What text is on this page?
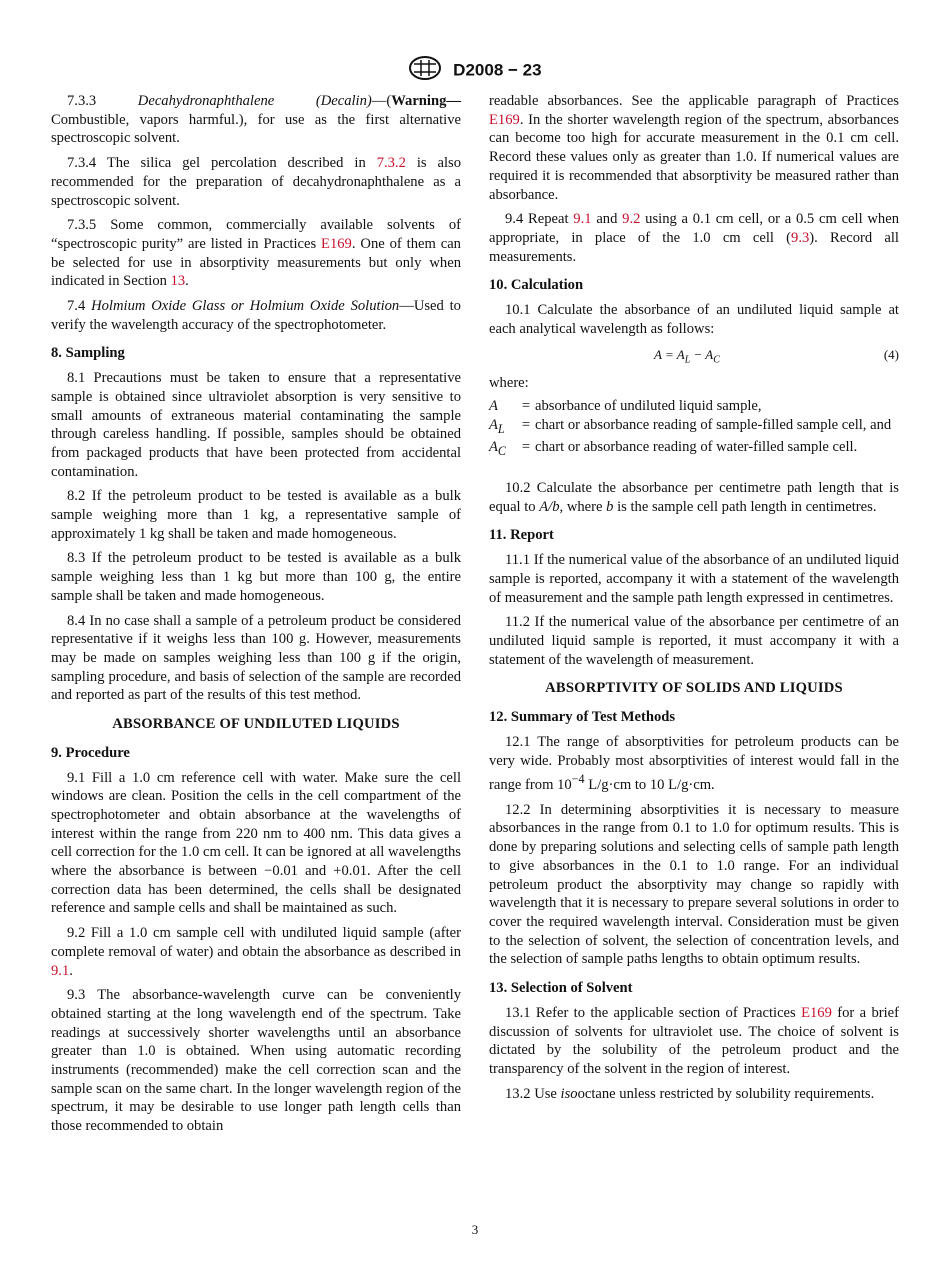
D2008 − 23

7.3.3	Decahydronaphthalene (Decalin)—(Warning— Combustible, vapors harmful.), for use as the first alternative spectroscopic solvent.

7.3.4 The silica gel percolation described in 7.3.2 is also recommended for the preparation of decahydronaphthalene as a spectroscopic solvent.

7.3.5 Some common, commercially available solvents of “spectroscopic purity” are listed in Practices E169. One of them can be selected for use in absorptivity measurements but only when indicated in Section 13.

7.4 Holmium Oxide Glass or Holmium Oxide Solution—Used to verify the wavelength accuracy of the spectrophotometer.

8. Sampling

8.1 Precautions must be taken to ensure that a representative sample is obtained since ultraviolet absorption is very sensitive to small amounts of extraneous material contaminating the sample through careless handling. If possible, samples should be obtained from packaged products that have been protected from accidental contamination.

8.2 If the petroleum product to be tested is available as a bulk sample weighing more than 1 kg, a representative sample of approximately 1 kg shall be taken and made homogeneous.

8.3 If the petroleum product to be tested is available as a bulk sample weighing less than 1 kg but more than 100 g, the entire sample shall be taken and made homogeneous.

8.4 In no case shall a sample of a petroleum product be considered representative if it weighs less than 100 g. However, measurements may be made on samples weighing less than 100 g if the origin, sampling procedure, and basis of selection of the sample are recorded and reported as part of the results of this test method.

ABSORBANCE OF UNDILUTED LIQUIDS
9. Procedure

9.1 Fill a 1.0 cm reference cell with water. Make sure the cell windows are clean. Position the cells in the cell compartment of the spectrophotometer and obtain absorbance at the wavelengths of interest within the range from 220 nm to 400 nm. This data gives a cell correction for the 1.0 cm cell. It can be ignored at all wavelengths where the absorbance is between −0.01 and +0.01. After the cell correction data has been determined, the cells shall be designated reference and sample cells and shall be maintained as such.

9.2 Fill a 1.0 cm sample cell with undiluted liquid sample (after complete removal of water) and obtain the absorbance as described in 9.1.

9.3 The absorbance-wavelength curve can be conveniently obtained starting at the long wavelength end of the spectrum. Take readings at successively shorter wavelengths until an absorbance greater than 1.0 is obtained. When using automatic recording instruments (recommended) make the cell correction scan and the sample scan on the same chart. In the longer wavelength region of the spectrum, it may be desirable to use longer path length cells than those recommended to obtain

readable absorbances. See the applicable paragraph of Practices E169. In the shorter wavelength region of the spectrum, absorbances can become too high for accurate measurement in the 0.1 cm cell. Record these values only as greater than 1.0. If numerical values are required it is recommended that absorptivity be measured rather than absorbance.

9.4 Repeat 9.1 and 9.2 using a 0.1 cm cell, or a 0.5 cm cell when appropriate, in place of the 1.0 cm cell (9.3). Record all measurements.

10. Calculation

10.1 Calculate the absorbance of an undiluted liquid sample at each analytical wavelength as follows:

$A = A_L - A_C$	(4)
where:
A	=	absorbance of undiluted liquid sample,
$A_L$	=	chart or absorbance reading of sample-filled sample cell, and
$A_C$	=	chart or absorbance reading of water-filled sample cell.

10.2 Calculate the absorbance per centimetre path length that is equal to A/b, where b is the sample cell path length in centimetres.

11. Report

11.1 If the numerical value of the absorbance of an undiluted liquid sample is reported, accompany it with a statement of the wavelength of measurement and the sample path length expressed in centimetres.

11.2 If the numerical value of the absorbance per centimetre of an undiluted liquid sample is reported, it must accompany it with a statement of the wavelength of measurement.

ABSORPTIVITY OF SOLIDS AND LIQUIDS
12. Summary of Test Methods

12.1 The range of absorptivities for petroleum products can be very wide. Probably most absorptivities of interest would fall in the range from $10^{-4}$ L/g·cm to 10 L/g·cm.

12.2 In determining absorptivities it is necessary to measure absorbances in the range from 0.1 to 1.0 for optimum results. This is done by preparing solutions and selecting cells of sample path length to give absorbances in the 0.1 to 1.0 range. For an individual petroleum product the absorptivity may change so rapidly with wavelength that it is necessary to prepare several solutions in order to cover the required wavelength interval. Consideration must be given to the selection of solvent, the selection of concentration levels, and the selection of sample paths lengths to obtain optimum results.

13. Selection of Solvent

13.1 Refer to the applicable section of Practices E169 for a brief discussion of solvents for ultraviolet use. The choice of solvent is dictated by the solubility of the petroleum product and the transparency of the solvent in the region of interest.

13.2 Use isooctane unless restricted by solubility requirements.

3
